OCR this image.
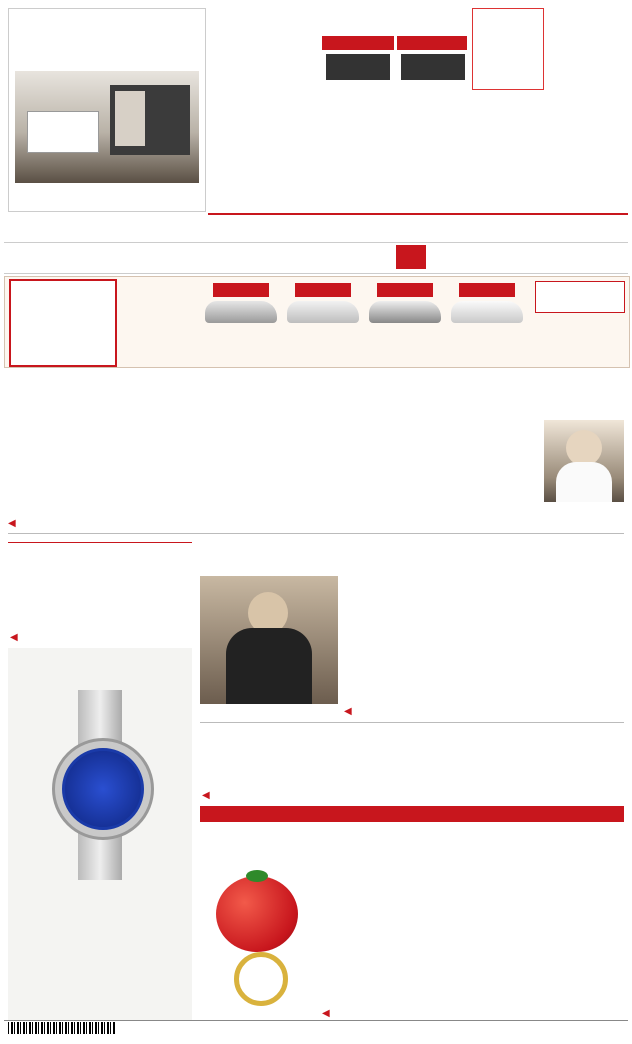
◀
◀
◀
◀
◀
